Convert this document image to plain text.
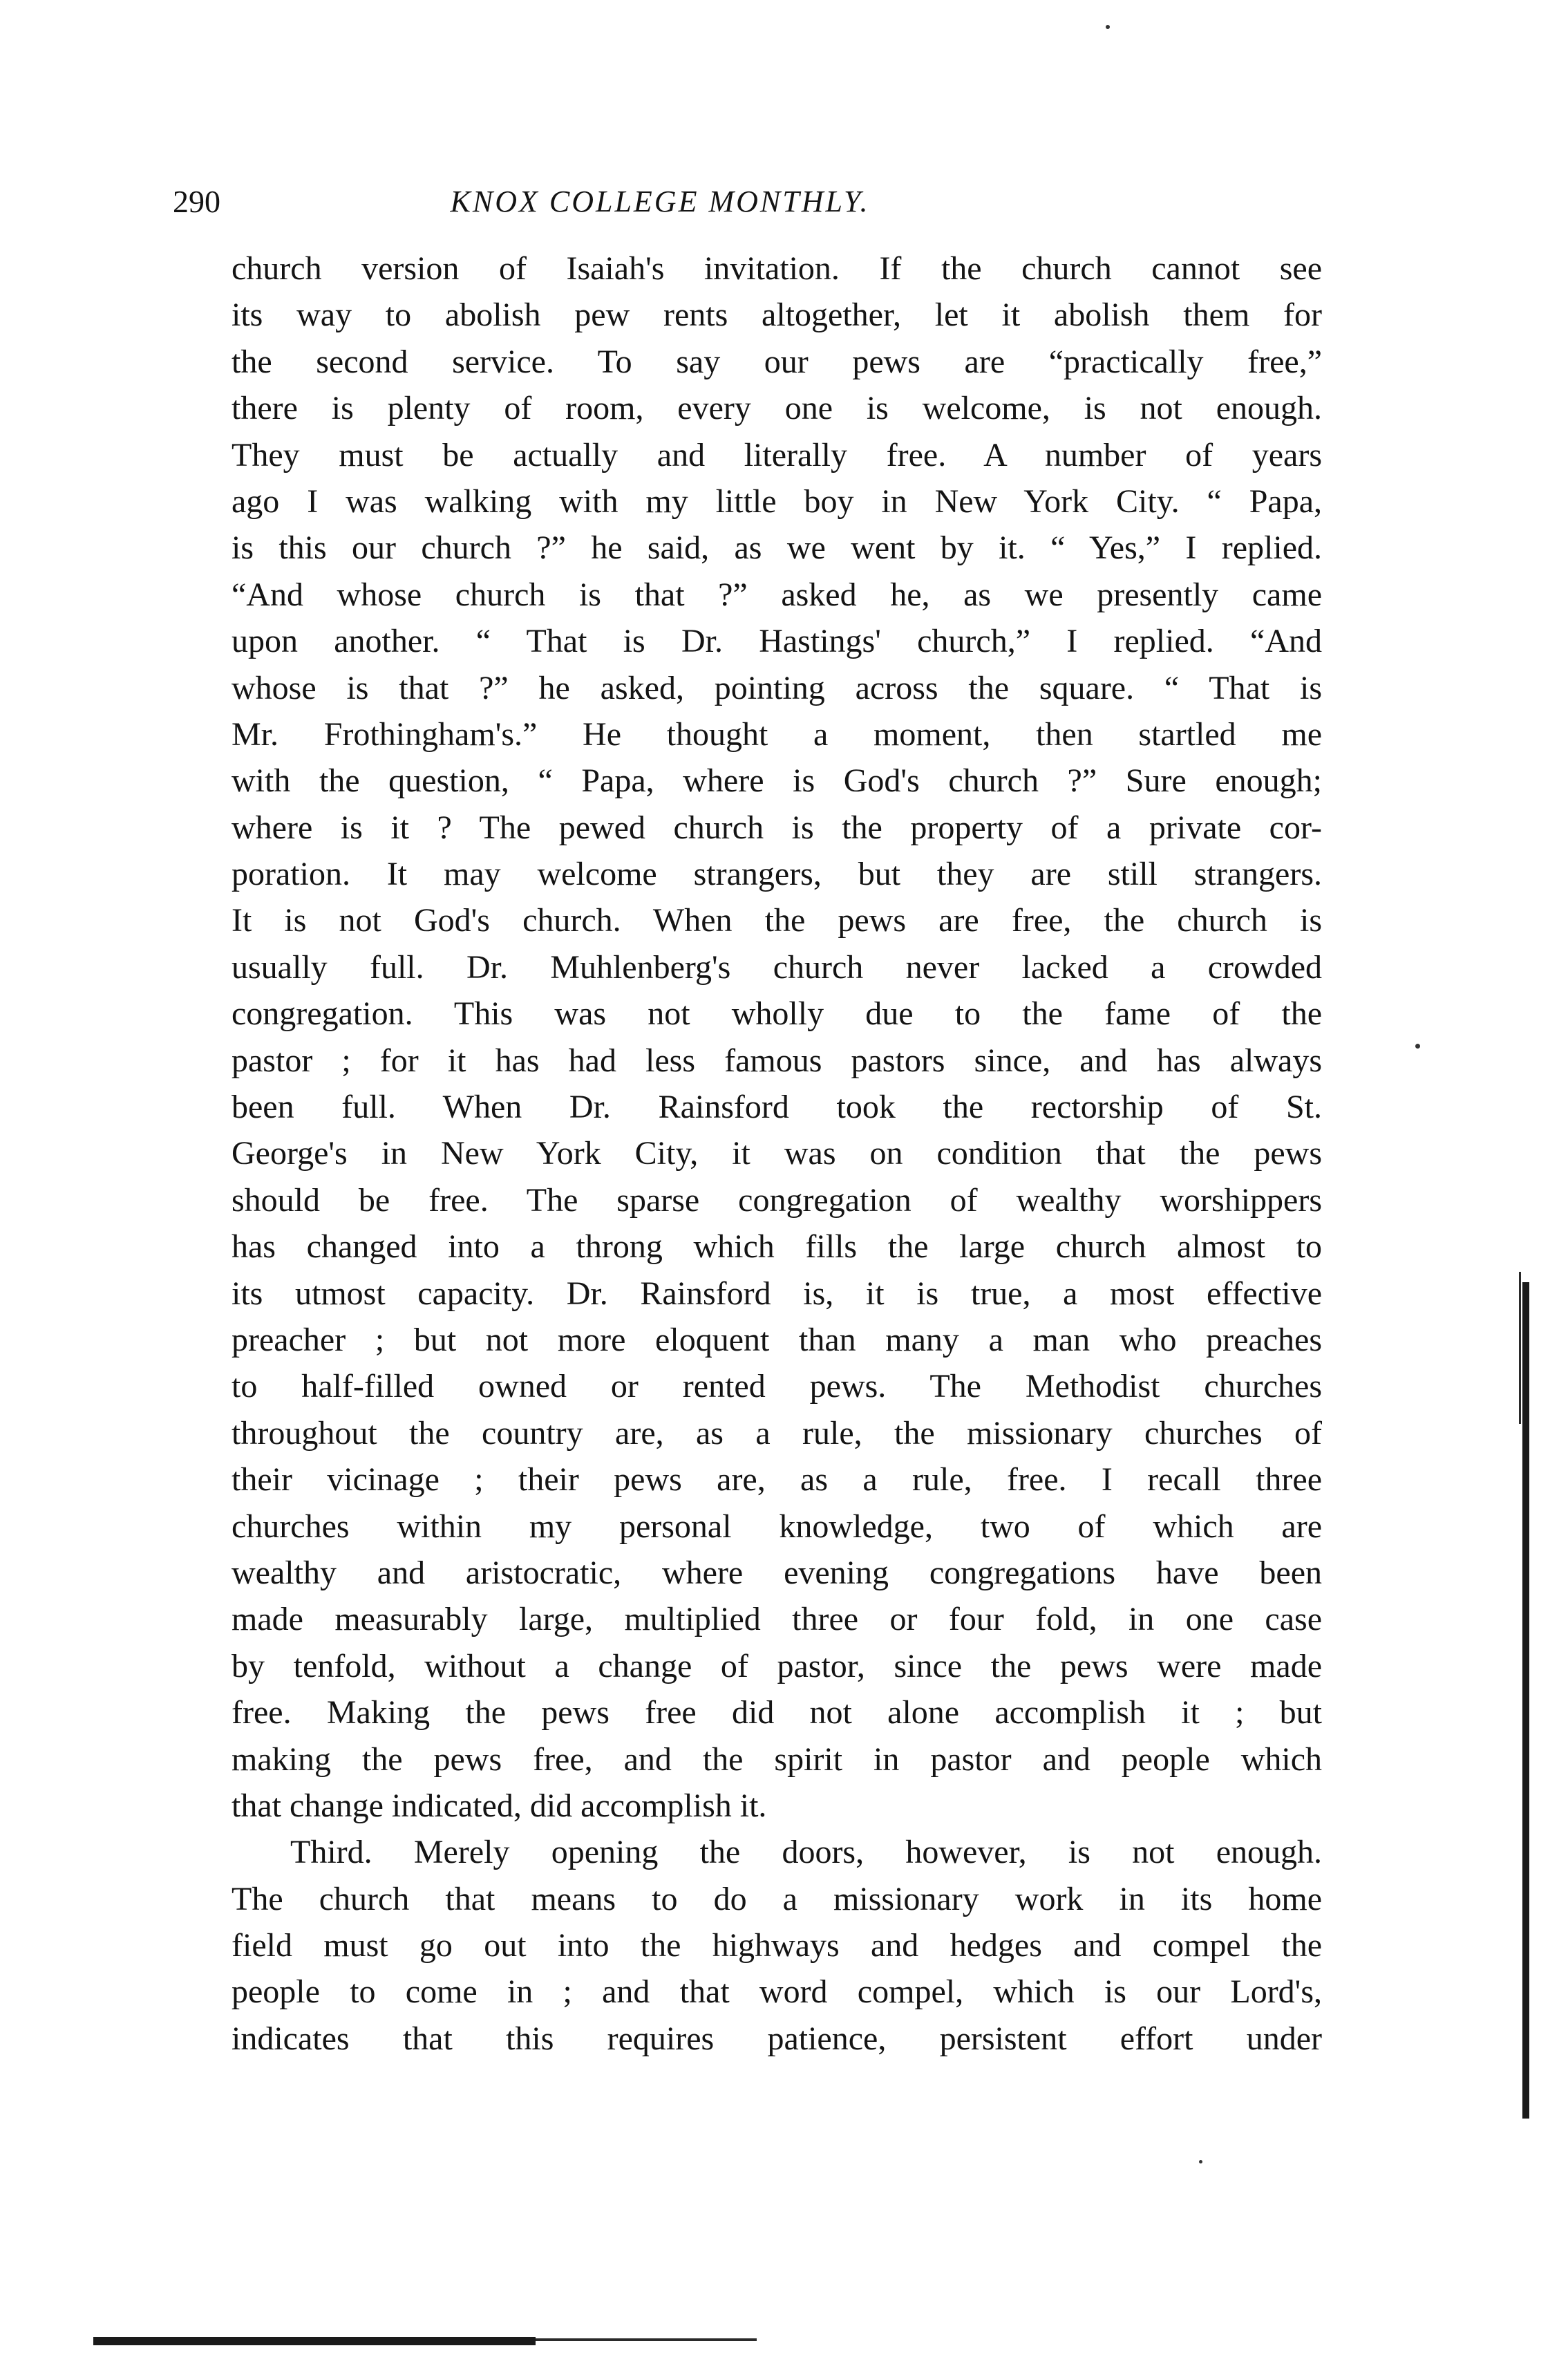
290	KNOX COLLEGE MONTHLY.
church version of Isaiah's invitation. If the church cannot see
its way to abolish pew rents altogether, let it abolish them for
the second service. To say our pews are “practically free,”
there is plenty of room, every one is welcome, is not enough.
They must be actually and literally free. A number of years
ago I was walking with my little boy in New York City. “ Papa,
is this our church ?” he said, as we went by it. “ Yes,” I replied.
“And whose church is that ?” asked he, as we presently came
upon another. “ That is Dr. Hastings' church,” I replied. “And
whose is that ?” he asked, pointing across the square. “ That is
Mr. Frothingham's.” He thought a moment, then startled me
with the question, “ Papa, where is God's church ?” Sure enough;
where is it ? The pewed church is the property of a private cor-
poration. It may welcome strangers, but they are still strangers.
It is not God's church. When the pews are free, the church is
usually full. Dr. Muhlenberg's church never lacked a crowded
congregation. This was not wholly due to the fame of the
pastor ; for it has had less famous pastors since, and has always
been full. When Dr. Rainsford took the rectorship of St.
George's in New York City, it was on condition that the pews
should be free. The sparse congregation of wealthy worshippers
has changed into a throng which fills the large church almost to
its utmost capacity. Dr. Rainsford is, it is true, a most effective
preacher ; but not more eloquent than many a man who preaches
to half-filled owned or rented pews. The Methodist churches
throughout the country are, as a rule, the missionary churches of
their vicinage ; their pews are, as a rule, free. I recall three
churches within my personal knowledge, two of which are
wealthy and aristocratic, where evening congregations have been
made measurably large, multiplied three or four fold, in one case
by tenfold, without a change of pastor, since the pews were made
free. Making the pews free did not alone accomplish it ; but
making the pews free, and the spirit in pastor and people which
that change indicated, did accomplish it.
Third. Merely opening the doors, however, is not enough.
The church that means to do a missionary work in its home
field must go out into the highways and hedges and compel the
people to come in ; and that word compel, which is our Lord's,
indicates that this requires patience, persistent effort under
